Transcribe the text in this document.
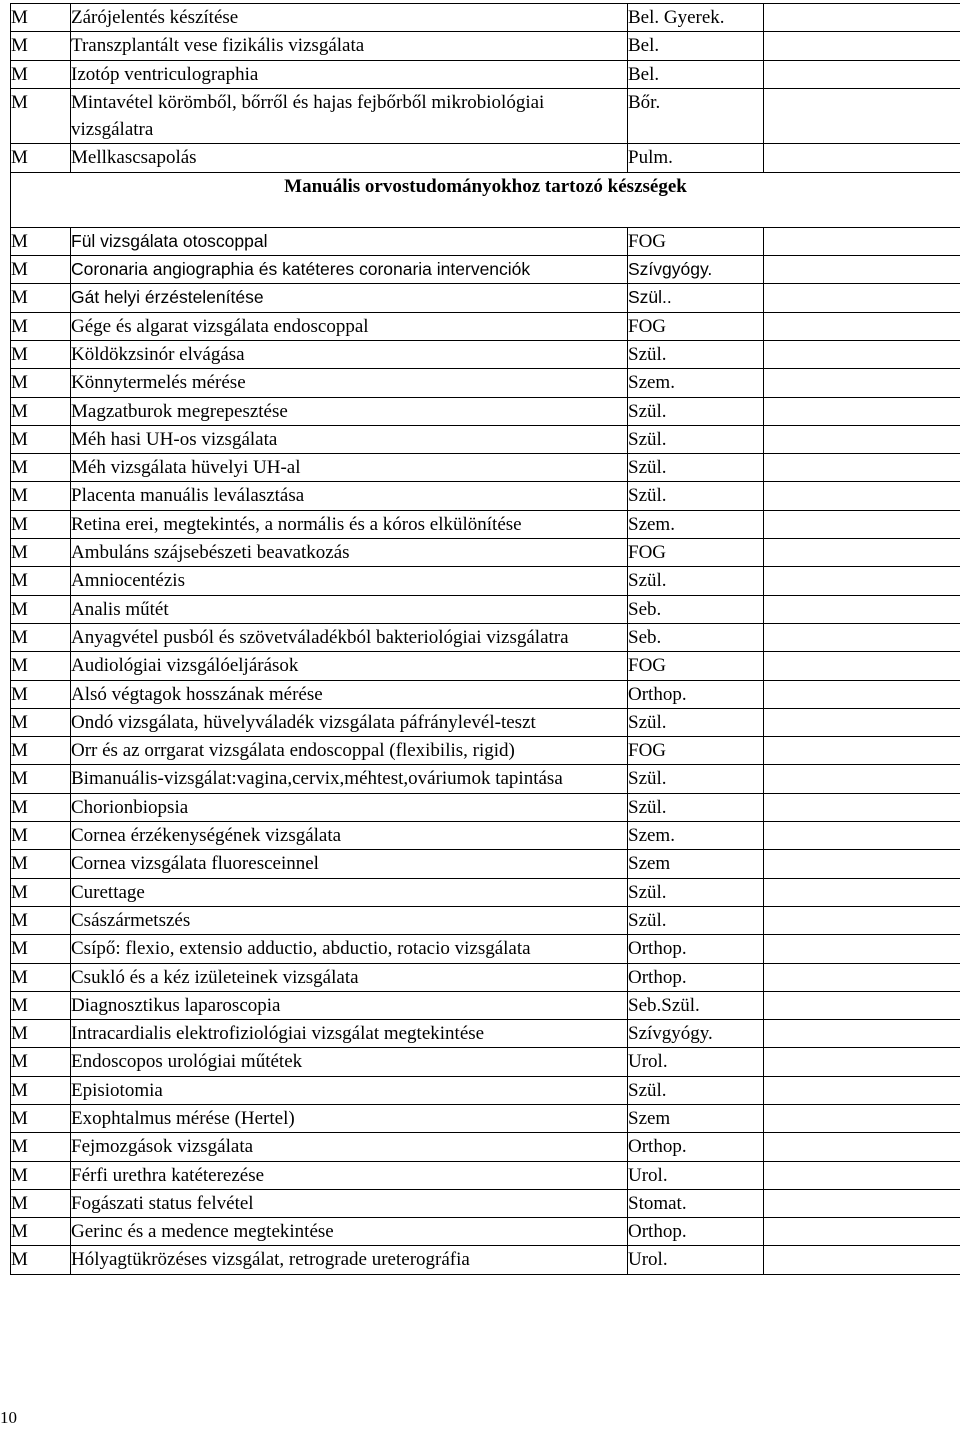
M	Zárójelentés készítése	Bel. Gyerek.	
M	Transzplantált vese fizikális vizsgálata	Bel.	
M	Izotóp ventriculographia	Bel.	
M	Mintavétel körömből, bőrről és hajas fejbőrből mikrobiológiai vizsgálatra	Bőr.	
M	Mellkascsapolás	Pulm.	
Manuális orvostudományokhoz tartozó készségek			
M	Fül vizsgálata otoscoppal	FOG	
M	Coronaria angiographia és katéteres coronaria intervenciók	Szívgyógy.	
M	Gát helyi érzéstelenítése	Szül..	
M	Gége és algarat vizsgálata endoscoppal	FOG	
M	Köldökzsinór elvágása	Szül.	
M	Könnytermelés mérése	Szem.	
M	Magzatburok megrepesztése	Szül.	
M	Méh hasi UH-os vizsgálata	Szül.	
M	Méh vizsgálata hüvelyi UH-al	Szül.	
M	Placenta manuális leválasztása	Szül.	
M	Retina erei, megtekintés, a normális és a kóros elkülönítése	Szem.	
M	Ambuláns szájsebészeti beavatkozás	FOG	
M	Amniocentézis	Szül.	
M	Analis műtét	Seb.	
M	Anyagvétel pusból és szövetváladékból bakteriológiai vizsgálatra	Seb.	
M	Audiológiai vizsgálóeljárások	FOG	
M	Alsó végtagok hosszának mérése	Orthop.	
M	Ondó vizsgálata, hüvelyváladék vizsgálata páfránylevél-teszt	Szül.	
M	Orr és az orrgarat vizsgálata endoscoppal (flexibilis, rigid)	FOG	
M	Bimanuális-vizsgálat:vagina,cervix,méhtest,ováriumok tapintása	Szül.	
M	Chorionbiopsia	Szül.	
M	Cornea érzékenységének vizsgálata	Szem.	
M	Cornea vizsgálata fluoresceinnel	Szem	
M	Curettage	Szül.	
M	Császármetszés	Szül.	
M	Csípő: flexio, extensio adductio, abductio, rotacio vizsgálata	Orthop.	
M	Csukló és a kéz izületeinek vizsgálata	Orthop.	
M	Diagnosztikus laparoscopia	Seb.Szül.	
M	Intracardialis elektrofiziológiai vizsgálat megtekintése	Szívgyógy.	
M	Endoscopos urológiai műtétek	Urol.	
M	Episiotomia	Szül.	
M	Exophtalmus mérése (Hertel)	Szem	
M	Fejmozgások vizsgálata	Orthop.	
M	Férfi urethra katéterezése	Urol.	
M	Fogászati status felvétel	Stomat.	
M	Gerinc és a medence megtekintése	Orthop.	
M	Hólyagtükrözéses vizsgálat, retrograde ureterográfia	Urol.	
10
